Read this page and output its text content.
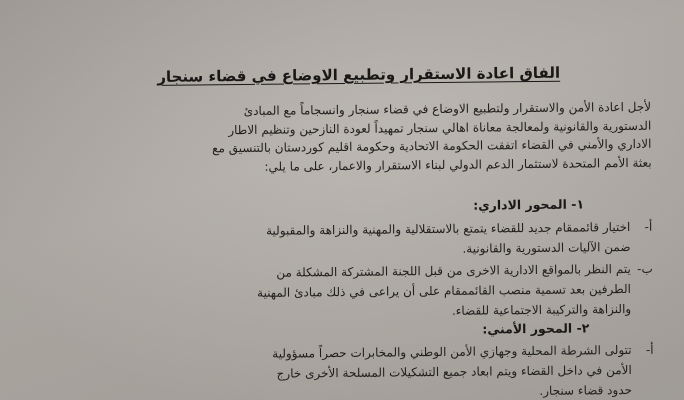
الفاق اعادة الاستقرار وتطبيع الاوضاع في قضاء سنجار
لأجل اعادة الأمن والاستقرار ولتطبيع الاوضاع في قضاء سنجار وانسجاماً مع المبادئ
الدستورية والقانونية ولمعالجة معاناة اهالي سنجار تمهيداً لعودة النازحين وتنظيم الاطار
الاداري والأمني في القضاء اتفقت الحكومة الاتحادية وحكومة اقليم كوردستان بالتنسيق مع
بعثة الأمم المتحدة لاستثمار الدعم الدولي لبناء الاستقرار والاعمار، على ما يلي:
١- المحور الاداري:
أ-
اختيار قائممقام جديد للقضاء يتمتع بالاستقلالية والمهنية والنزاهة والمقبولية
ضمن الآليات الدستورية والقانونية.
ب-
يتم النظر بالمواقع الادارية الاخرى من قبل اللجنة المشتركة المشكلة من
الطرفين بعد تسمية منصب القائممقام على أن يراعى في ذلك مبادئ المهنية
والنزاهة والتركيبة الاجتماعية للقضاء.
٢- المحور الأمني:
أ-
تتولى الشرطة المحلية وجهازي الأمن الوطني والمخابرات حصراً مسؤولية
الأمن في داخل القضاء ويتم ابعاد جميع التشكيلات المسلحة الأخرى خارج
حدود قضاء سنجار.
